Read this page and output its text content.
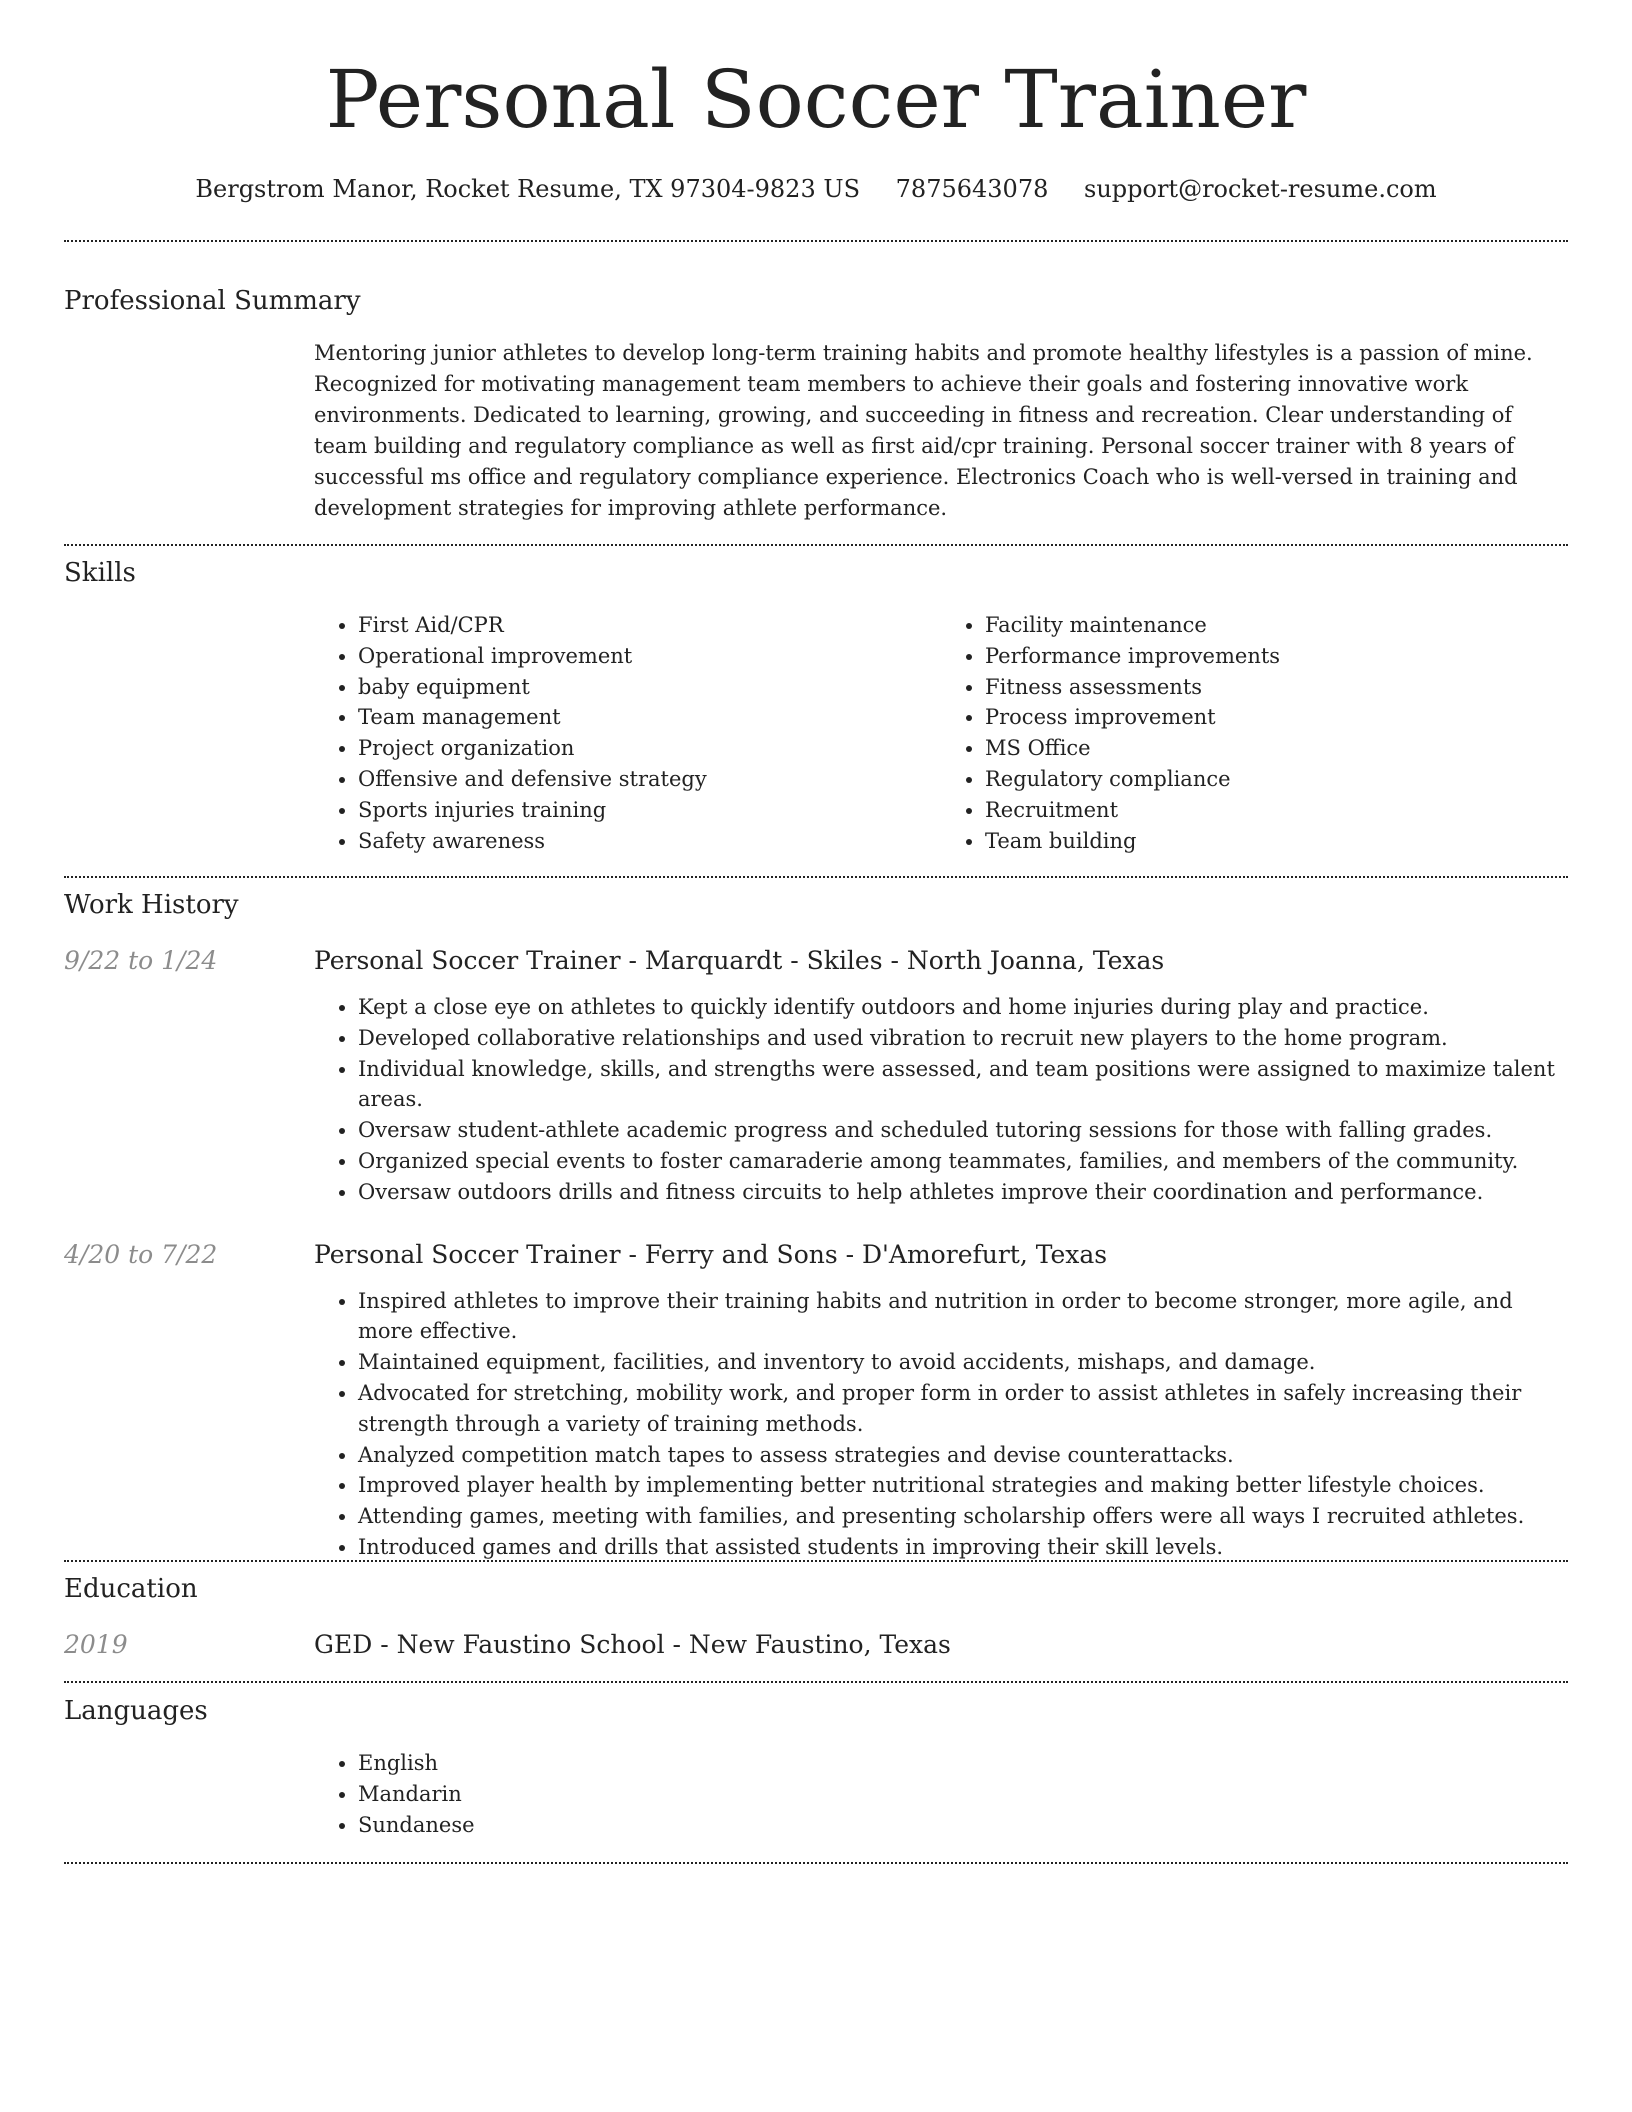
Personal Soccer Trainer
Bergstrom Manor, Rocket Resume, TX 97304-9823 US 7875643078 support@rocket-resume.com
Professional Summary

Mentoring junior athletes to develop long-term training habits and promote healthy lifestyles is a passion of mine. Recognized for motivating management team members to achieve their goals and fostering innovative work environments. Dedicated to learning, growing, and succeeding in fitness and recreation. Clear understanding of team building and regulatory compliance as well as first aid/cpr training. Personal soccer trainer with 8 years of successful ms office and regulatory compliance experience. Electronics Coach who is well-versed in training and development strategies for improving athlete performance.

Skills
• First Aid/CPR
• Operational improvement
• baby equipment
• Team management
• Project organization
• Offensive and defensive strategy
• Sports injuries training
• Safety awareness
• Facility maintenance
• Performance improvements
• Fitness assessments
• Process improvement
• MS Office
• Regulatory compliance
• Recruitment
• Team building
Work History
9/22 to 1/24	Personal Soccer Trainer - Marquardt - Skiles - North Joanna, Texas
• Kept a close eye on athletes to quickly identify outdoors and home injuries during play and practice.
• Developed collaborative relationships and used vibration to recruit new players to the home program.
• Individual knowledge, skills, and strengths were assessed, and team positions were assigned to maximize talent areas.
• Oversaw student-athlete academic progress and scheduled tutoring sessions for those with falling grades.
• Organized special events to foster camaraderie among teammates, families, and members of the community.
• Oversaw outdoors drills and fitness circuits to help athletes improve their coordination and performance.
4/20 to 7/22	Personal Soccer Trainer - Ferry and Sons - D'Amorefurt, Texas
• Inspired athletes to improve their training habits and nutrition in order to become stronger, more agile, and more effective.
• Maintained equipment, facilities, and inventory to avoid accidents, mishaps, and damage.
• Advocated for stretching, mobility work, and proper form in order to assist athletes in safely increasing their strength through a variety of training methods.
• Analyzed competition match tapes to assess strategies and devise counterattacks.
• Improved player health by implementing better nutritional strategies and making better lifestyle choices.
• Attending games, meeting with families, and presenting scholarship offers were all ways I recruited athletes.
• Introduced games and drills that assisted students in improving their skill levels.
Education
2019	GED - New Faustino School - New Faustino, Texas
Languages
• English
• Mandarin
• Sundanese
